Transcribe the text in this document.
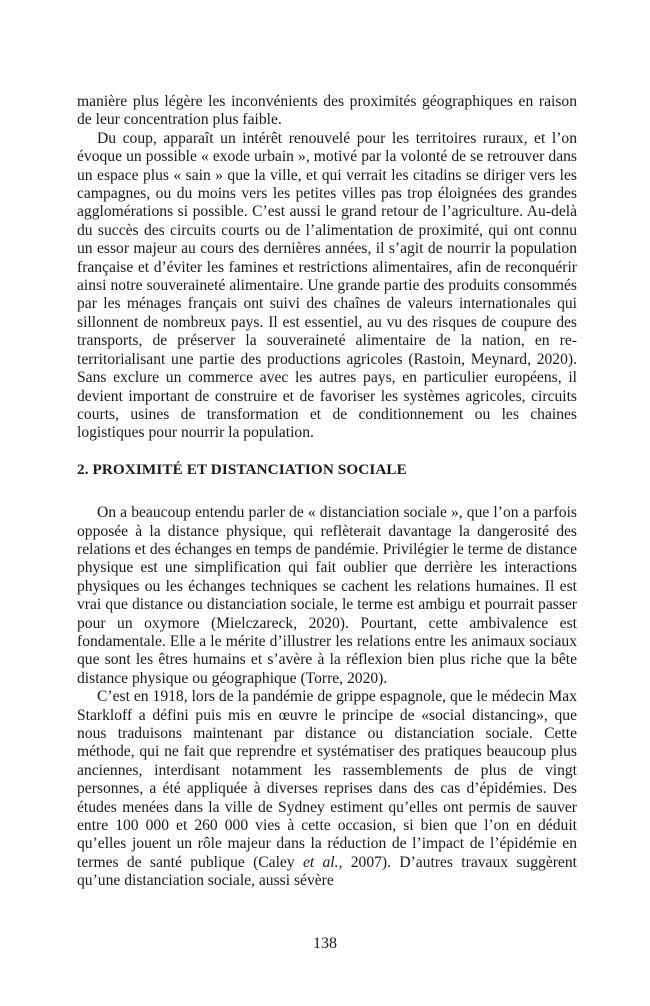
manière plus légère les inconvénients des proximités géographiques en raison de leur concentration plus faible.

Du coup, apparaît un intérêt renouvelé pour les territoires ruraux, et l’on évoque un possible « exode urbain », motivé par la volonté de se retrouver dans un espace plus « sain » que la ville, et qui verrait les citadins se diriger vers les campagnes, ou du moins vers les petites villes pas trop éloignées des grandes agglomérations si possible. C’est aussi le grand retour de l’agriculture. Au-delà du succès des circuits courts ou de l’alimentation de proximité, qui ont connu un essor majeur au cours des dernières années, il s’agit de nourrir la population française et d’éviter les famines et restrictions alimentaires, afin de reconquérir ainsi notre souveraineté alimentaire. Une grande partie des produits consommés par les ménages français ont suivi des chaînes de valeurs internationales qui sillonnent de nombreux pays. Il est essentiel, au vu des risques de coupure des transports, de préserver la souveraineté alimentaire de la nation, en re-territorialisant une partie des productions agricoles (Rastoin, Meynard, 2020). Sans exclure un commerce avec les autres pays, en particulier européens, il devient important de construire et de favoriser les systèmes agricoles, circuits courts, usines de transformation et de conditionnement ou les chaines logistiques pour nourrir la population.

2. PROXIMITÉ ET DISTANCIATION SOCIALE

On a beaucoup entendu parler de « distanciation sociale », que l’on a parfois opposée à la distance physique, qui reflèterait davantage la dangerosité des relations et des échanges en temps de pandémie. Privilégier le terme de distance physique est une simplification qui fait oublier que derrière les interactions physiques ou les échanges techniques se cachent les relations humaines. Il est vrai que distance ou distanciation sociale, le terme est ambigu et pourrait passer pour un oxymore (Mielczareck, 2020). Pourtant, cette ambivalence est fondamentale. Elle a le mérite d’illustrer les relations entre les animaux sociaux que sont les êtres humains et s’avère à la réflexion bien plus riche que la bête distance physique ou géographique (Torre, 2020).

C’est en 1918, lors de la pandémie de grippe espagnole, que le médecin Max Starkloff a défini puis mis en œuvre le principe de «social distancing», que nous traduisons maintenant par distance ou distanciation sociale. Cette méthode, qui ne fait que reprendre et systématiser des pratiques beaucoup plus anciennes, interdisant notamment les rassemblements de plus de vingt personnes, a été appliquée à diverses reprises dans des cas d’épidémies. Des études menées dans la ville de Sydney estiment qu’elles ont permis de sauver entre 100 000 et 260 000 vies à cette occasion, si bien que l’on en déduit qu’elles jouent un rôle majeur dans la réduction de l’impact de l’épidémie en termes de santé publique (Caley et al., 2007). D’autres travaux suggèrent qu’une distanciation sociale, aussi sévère

138
